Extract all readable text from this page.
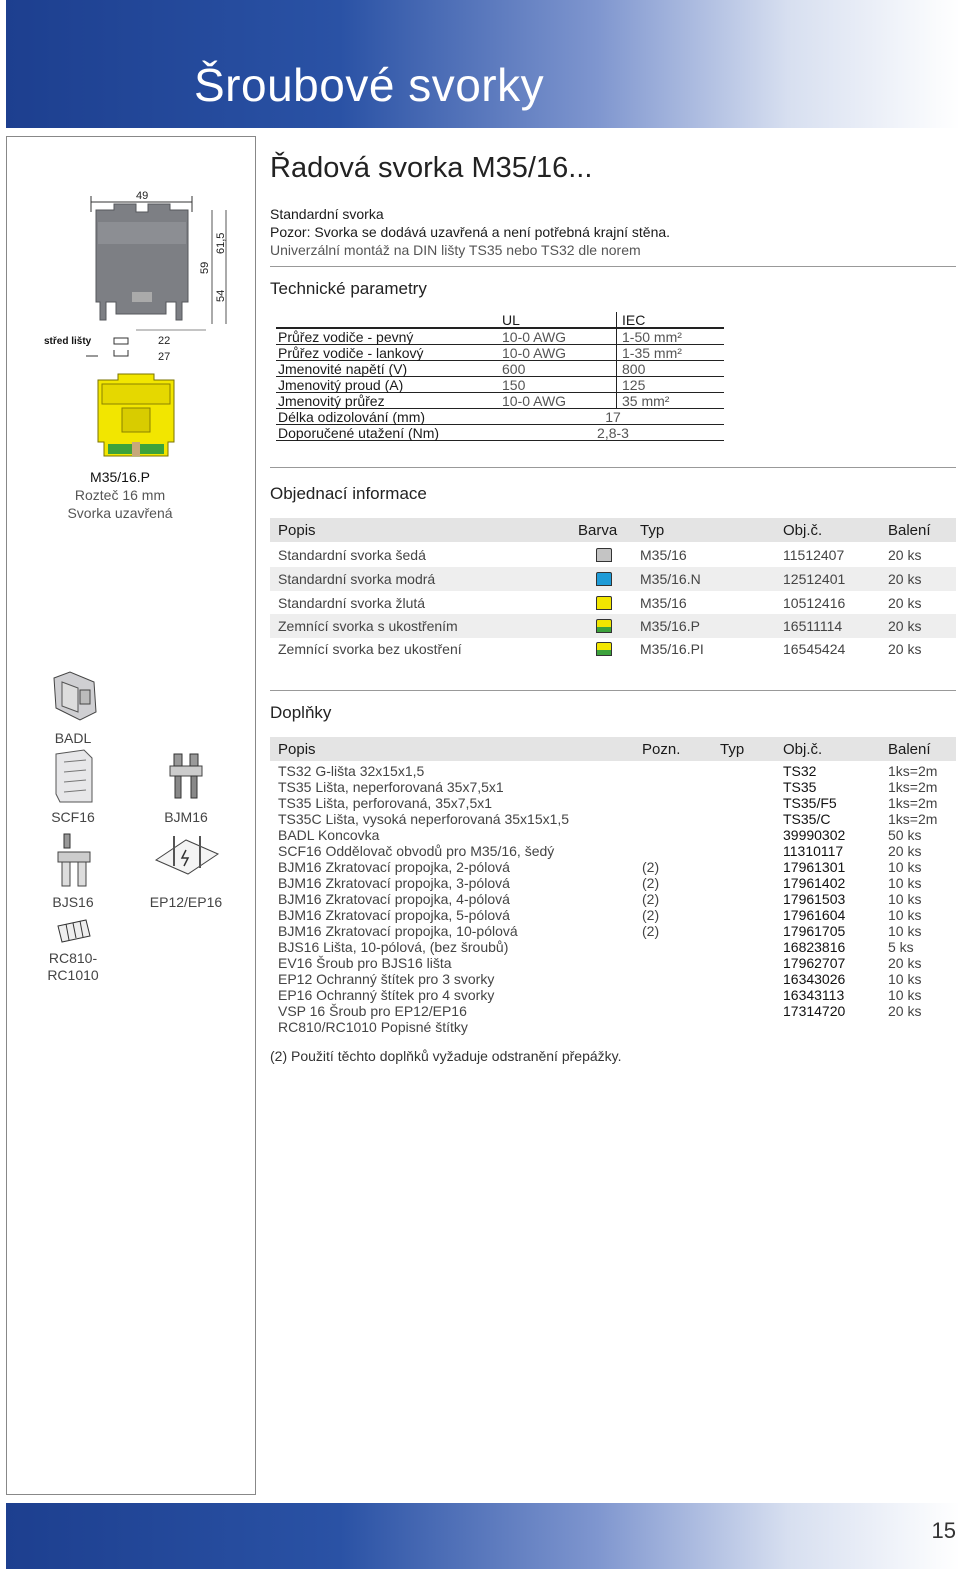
Šroubové svorky
49
61,5
59
54
střed lišty	22
27
M35/16.P
Rozteč 16 mm
Svorka uzavřená
BADL
SCF16	BJM16
BJS16	EP12/EP16
RC810-
RC1010
Řadová svorka M35/16...
Standardní svorka
Pozor: Svorka se dodává uzavřená a není potřebná krajní stěna.
Univerzální montáž na DIN lišty TS35 nebo TS32 dle norem
Technické parametry
UL	IEC
Průřez vodiče - pevný	10-0 AWG	1-50 mm²
Průřez vodiče - lankový	10-0 AWG	1-35 mm²
Jmenovité napětí (V)	600	800
Jmenovitý proud (A)	150	125
Jmenovitý průřez	10-0 AWG	35 mm²
Délka odizolování (mm)	17
Doporučené utažení (Nm)	2,8-3
Objednací informace
Popis	Barva Typ	Obj.č.	Balení
Standardní svorka šedá	M35/16	11512407	20 ks
Standardní svorka modrá	M35/16.N	12512401	20 ks
Standardní svorka žlutá	M35/16	10512416	20 ks
Zemnící svorka s ukostřením	M35/16.P	16511114	20 ks
Zemnící svorka bez ukostření	M35/16.PI	16545424	20 ks
Doplňky
Popis	Pozn.	Typ	Obj.č.	Balení
TS32 G-lišta 32x15x1,5	TS32	1ks=2m
TS35 Lišta, neperforovaná 35x7,5x1	TS35	1ks=2m
TS35 Lišta, perforovaná, 35x7,5x1	TS35/F5	1ks=2m
TS35C Lišta, vysoká neperforovaná 35x15x1,5	TS35/C	1ks=2m
BADL Koncovka	39990302	50 ks
SCF16 Oddělovač obvodů pro M35/16, šedý	11310117	20 ks
BJM16 Zkratovací propojka, 2-pólová	(2)	17961301	10 ks
BJM16 Zkratovací propojka, 3-pólová	(2)	17961402	10 ks
BJM16 Zkratovací propojka, 4-pólová	(2)	17961503	10 ks
BJM16 Zkratovací propojka, 5-pólová	(2)	17961604	10 ks
BJM16 Zkratovací propojka, 10-pólová	(2)	17961705	10 ks
BJS16 Lišta, 10-pólová, (bez šroubů)	16823816	5 ks
EV16 Šroub pro BJS16 lišta	17962707	20 ks
EP12 Ochranný štítek pro 3 svorky	16343026	10 ks
EP16 Ochranný štítek pro 4 svorky	16343113	10 ks
VSP 16 Šroub pro EP12/EP16	17314720	20 ks
RC810/RC1010 Popisné štítky
(2) Použití těchto doplňků vyžaduje odstranění přepážky.
15
